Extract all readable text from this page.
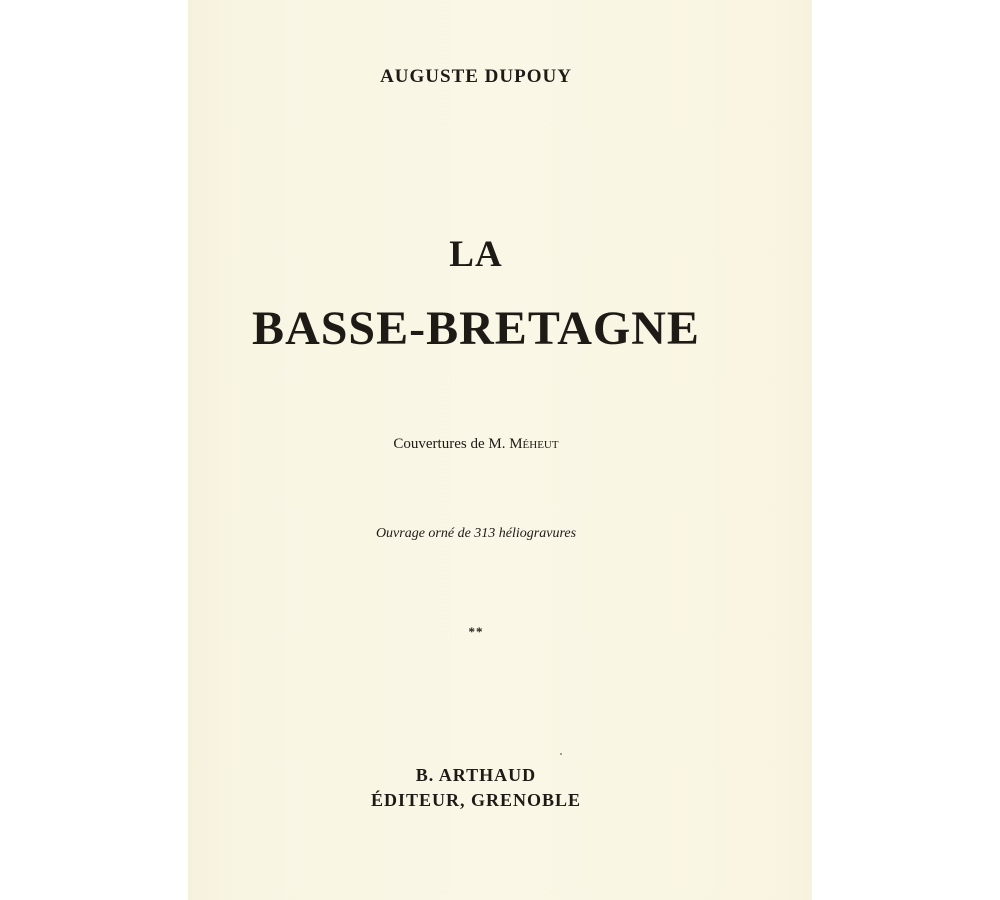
AUGUSTE DUPOUY
LA
BASSE-BRETAGNE
Couvertures de M. Méheut
Ouvrage orné de 313 héliogravures
**
B. ARTHAUD
ÉDITEUR, GRENOBLE
